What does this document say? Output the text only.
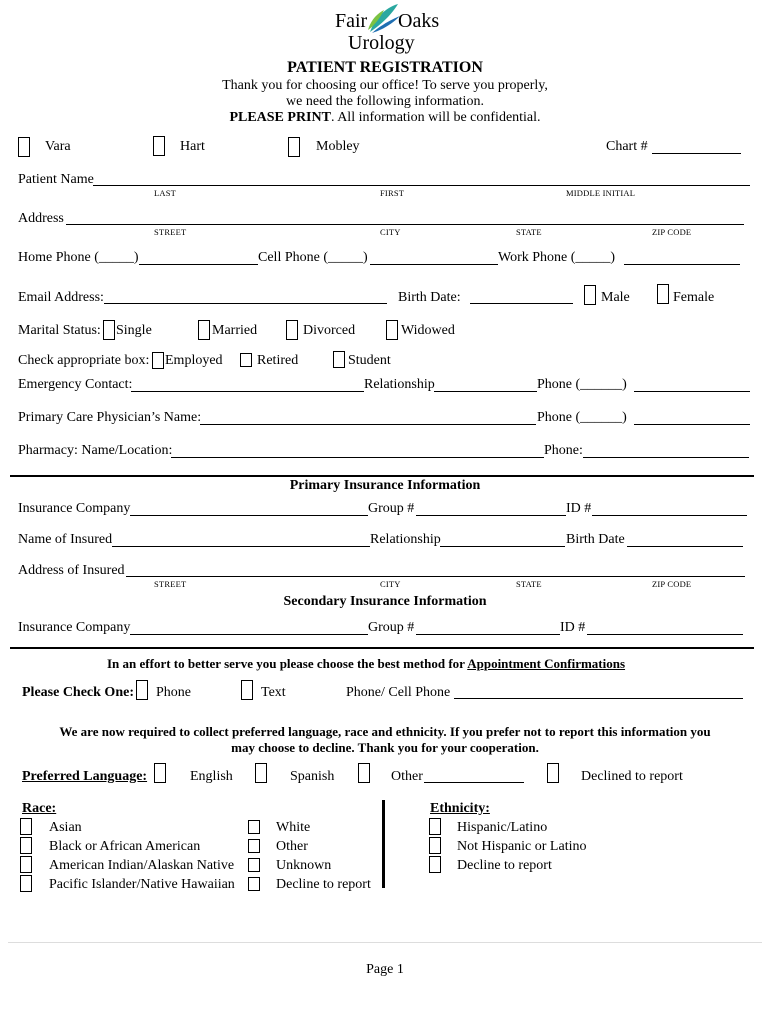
Fair Oaks
Urology
PATIENT REGISTRATION
Thank you for choosing our office! To serve you properly,
we need the following information.
PLEASE PRINT. All information will be confidential.
Vara	Hart	Mobley	Chart #
Patient Name
LAST	FIRST	MIDDLE INITIAL
Address
STREET	CITY	STATE	ZIP CODE
Home Phone (_____)	Cell Phone (_____)	Work Phone (_____)
Email Address:	Birth Date:	Male	Female
Marital Status: Single	Married	Divorced	Widowed
Check appropriate box: Employed Retired	Student
Emergency Contact:	Relationship	Phone (______)
Primary Care Physician’s Name:	Phone (______)
Pharmacy: Name/Location:	Phone:
Primary Insurance Information
Insurance Company	Group #	ID #
Name of Insured	Relationship	Birth Date
Address of Insured
STREET	CITY	STATE	ZIP CODE
Secondary Insurance Information
Insurance Company	Group #	ID #
In an effort to better serve you please choose the best method for Appointment Confirmations
Please Check One: Phone	Text	Phone/ Cell Phone
We are now required to collect preferred language, race and ethnicity. If you prefer not to report this information you
may choose to decline. Thank you for your cooperation.
Preferred Language:	English	Spanish	Other	Declined to report
Race:
Asian
Black or African American
American Indian/Alaskan Native
Pacific Islander/Native Hawaiian
White
Other
Unknown
Decline to report
Ethnicity:
Hispanic/Latino
Not Hispanic or Latino
Decline to report
Page 1
